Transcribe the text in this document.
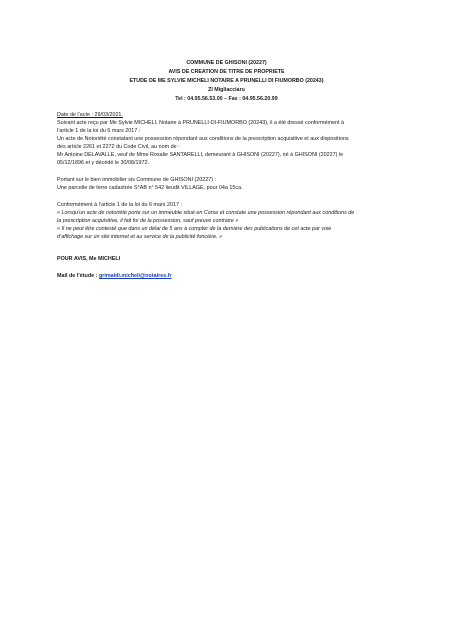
COMMUNE DE GHISONI (20227)
AVIS DE CREATION DE TITRE DE PROPRIETE
ETUDE DE ME SYLVIE MICHELI NOTAIRE A PRUNELLI DI FIUMORBO (20243)
ZI Migliacciaru
Tel : 04.95.56.53.00 – Fax : 04.95.56.20.99
Date de l’acte : 29/03/2021.
Suivant acte reçu par Me Sylvie MICHELI, Notaire à PRUNELLI-DI-FIUMORBO (20243), il a été dressé conformément à
l’article 1 de la loi du 6 mars 2017 :
Un acte de Notoriété constatant une possession répondant aux conditions de la prescription acquisitive et aux dispositions
des article 2261 et 2272 du Code Civil, au nom de :
Mr Antoine DELAVALLE, veuf de Mme Rosalie SANTARELLI, demeurant à GHISONI (20227), né à GHISONI (20227) le
05/12/1896 et y décédé le 30/08/1972.
Portant sur le bien immobilier sis Commune de GHISONI (20227) :
Une parcelle de terre cadastrée S°AB n° 542 lieudit VILLAGE, pour 04a 15ca.
Conformément à l’article 1 de la loi du 6 mars 2017 :
« Lorsqu’un acte de notoriété porte sur un immeuble situé en Corse et constate une possession répondant aux conditions de
la prescription acquisitive, il fait foi de la possession, sauf preuve contraire »
« Il ne peut être contesté que dans un délai de 5 ans à compter de la dernière des publications de cet acte par voie
d’affichage sur un site internet et au service de la publicité foncière. »
POUR AVIS, Me MICHELI
Mail de l’étude : grimaldi.micheli@notaires.fr
